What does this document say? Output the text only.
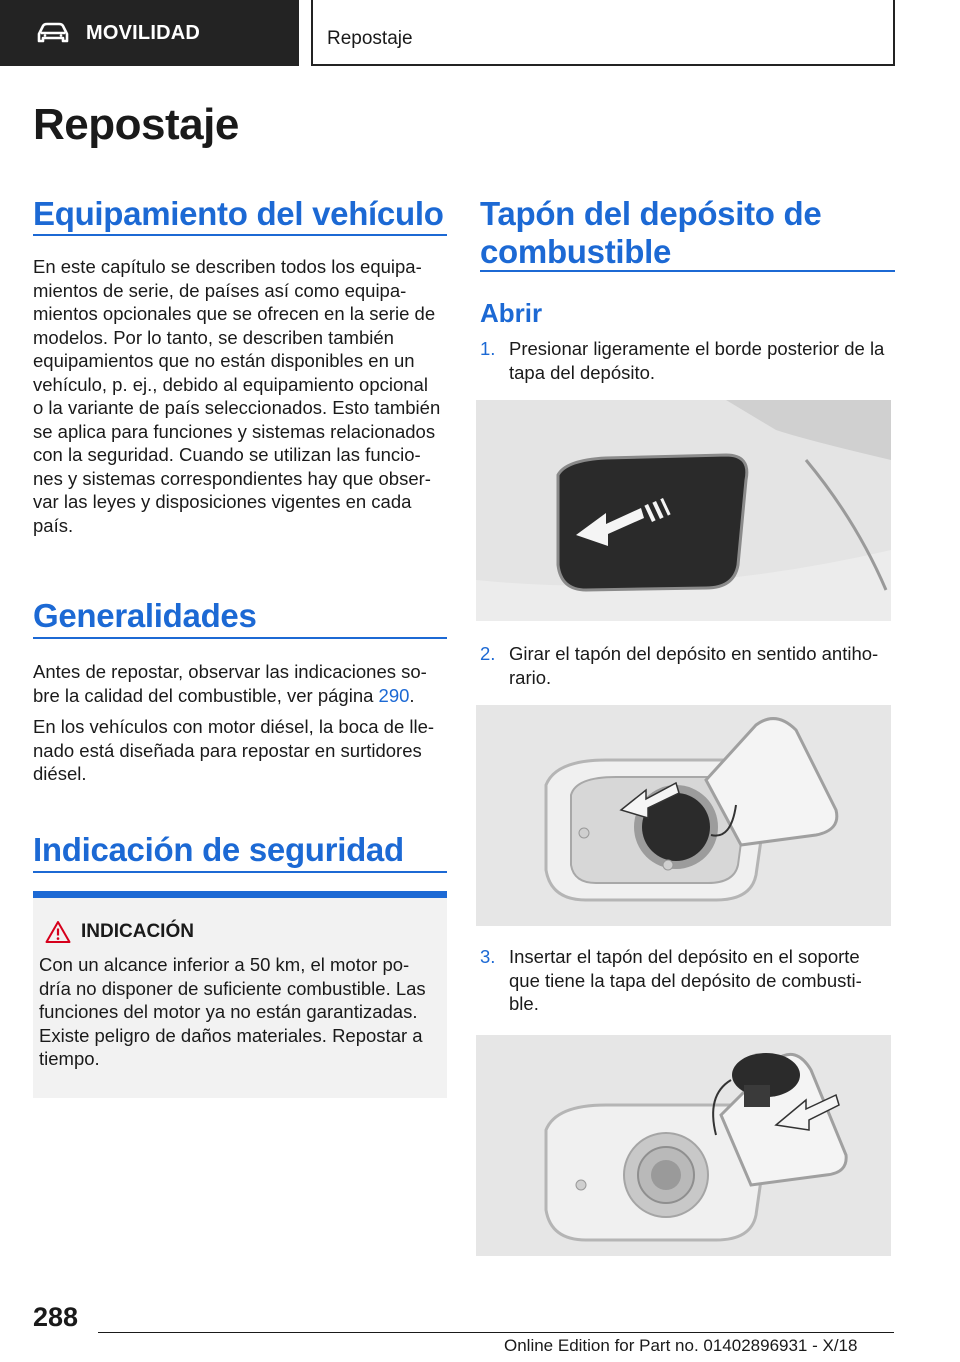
MOVILIDAD	Repostaje
Repostaje
Equipamiento del vehículo
En este capítulo se describen todos los equipa-
mientos de serie, de países así como equipa-
mientos opcionales que se ofrecen en la serie de
modelos. Por lo tanto, se describen también
equipamientos que no están disponibles en un
vehículo, p. ej., debido al equipamiento opcional
o la variante de país seleccionados. Esto también
se aplica para funciones y sistemas relacionados
con la seguridad. Cuando se utilizan las funcio-
nes y sistemas correspondientes hay que obser-
var las leyes y disposiciones vigentes en cada
país.
Generalidades
Antes de repostar, observar las indicaciones so-
bre la calidad del combustible, ver página 290.
En los vehículos con motor diésel, la boca de lle-
nado está diseñada para repostar en surtidores
diésel.
Indicación de seguridad
INDICACIÓN
Con un alcance inferior a 50 km, el motor po-
dría no disponer de suficiente combustible. Las
funciones del motor ya no están garantizadas.
Existe peligro de daños materiales. Repostar a
tiempo.
Tapón del depósito de
combustible
Abrir
1. Presionar ligeramente el borde posterior de la
tapa del depósito.
2. Girar el tapón del depósito en sentido antiho-
rario.
3. Insertar el tapón del depósito en el soporte
que tiene la tapa del depósito de combusti-
ble.
288
Online Edition for Part no. 01402896931 - X/18
